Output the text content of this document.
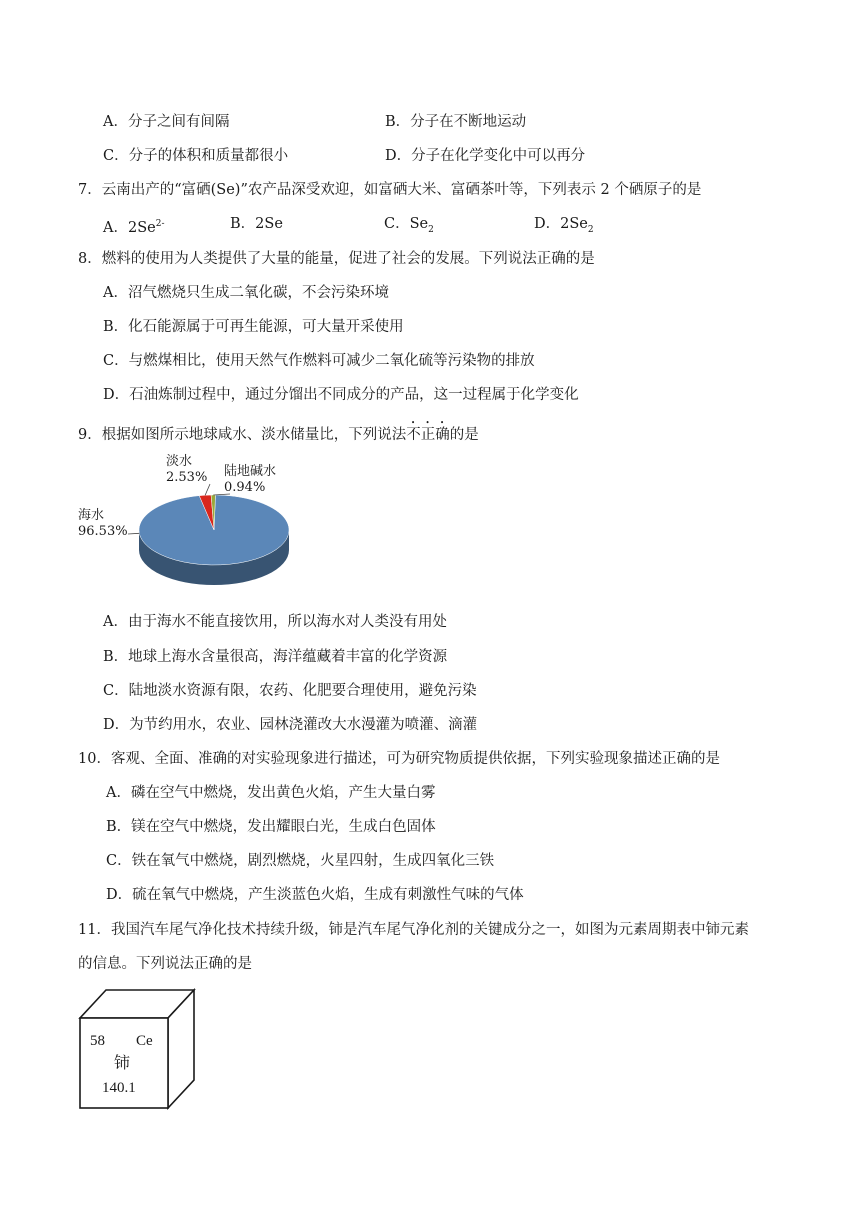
A．分子之间有间隔	B．分子在不断地运动
C．分子的体积和质量都很小	D．分子在化学变化中可以再分
7．云南出产的“富硒(Se)”农产品深受欢迎，如富硒大米、富硒茶叶等，下列表示 2 个硒原子的是
A．$2Se^{2-}$	B．2Se	C．$Se_2$	D．$2Se_2$
8．燃料的使用为人类提供了大量的能量，促进了社会的发展。下列说法正确的是
A．沼气燃烧只生成二氧化碳，不会污染环境
B．化石能源属于可再生能源，可大量开采使用
C．与燃煤相比，使用天然气作燃料可减少二氧化硫等污染物的排放
D．石油炼制过程中，通过分馏出不同成分的产品，这一过程属于化学变化
9．根据如图所示地球咸水、淡水储量比，下列说法不正确的是
淡水
2.53% 陆地碱水
0.94%
海水
96.53%
A．由于海水不能直接饮用，所以海水对人类没有用处
B．地球上海水含量很高，海洋蕴藏着丰富的化学资源
C．陆地淡水资源有限，农药、化肥要合理使用，避免污染
D．为节约用水，农业、园林浇灌改大水漫灌为喷灌、滴灌
10．客观、全面、准确的对实验现象进行描述，可为研究物质提供依据，下列实验现象描述正确的是
A．磷在空气中燃烧，发出黄色火焰，产生大量白雾
B．镁在空气中燃烧，发出耀眼白光，生成白色固体
C．铁在氧气中燃烧，剧烈燃烧，火星四射，生成四氧化三铁
D．硫在氧气中燃烧，产生淡蓝色火焰，生成有刺激性气味的气体
11．我国汽车尾气净化技术持续升级，铈是汽车尾气净化剂的关键成分之一，如图为元素周期表中铈元素
的信息。下列说法正确的是
58 Ce
铈
140.1
